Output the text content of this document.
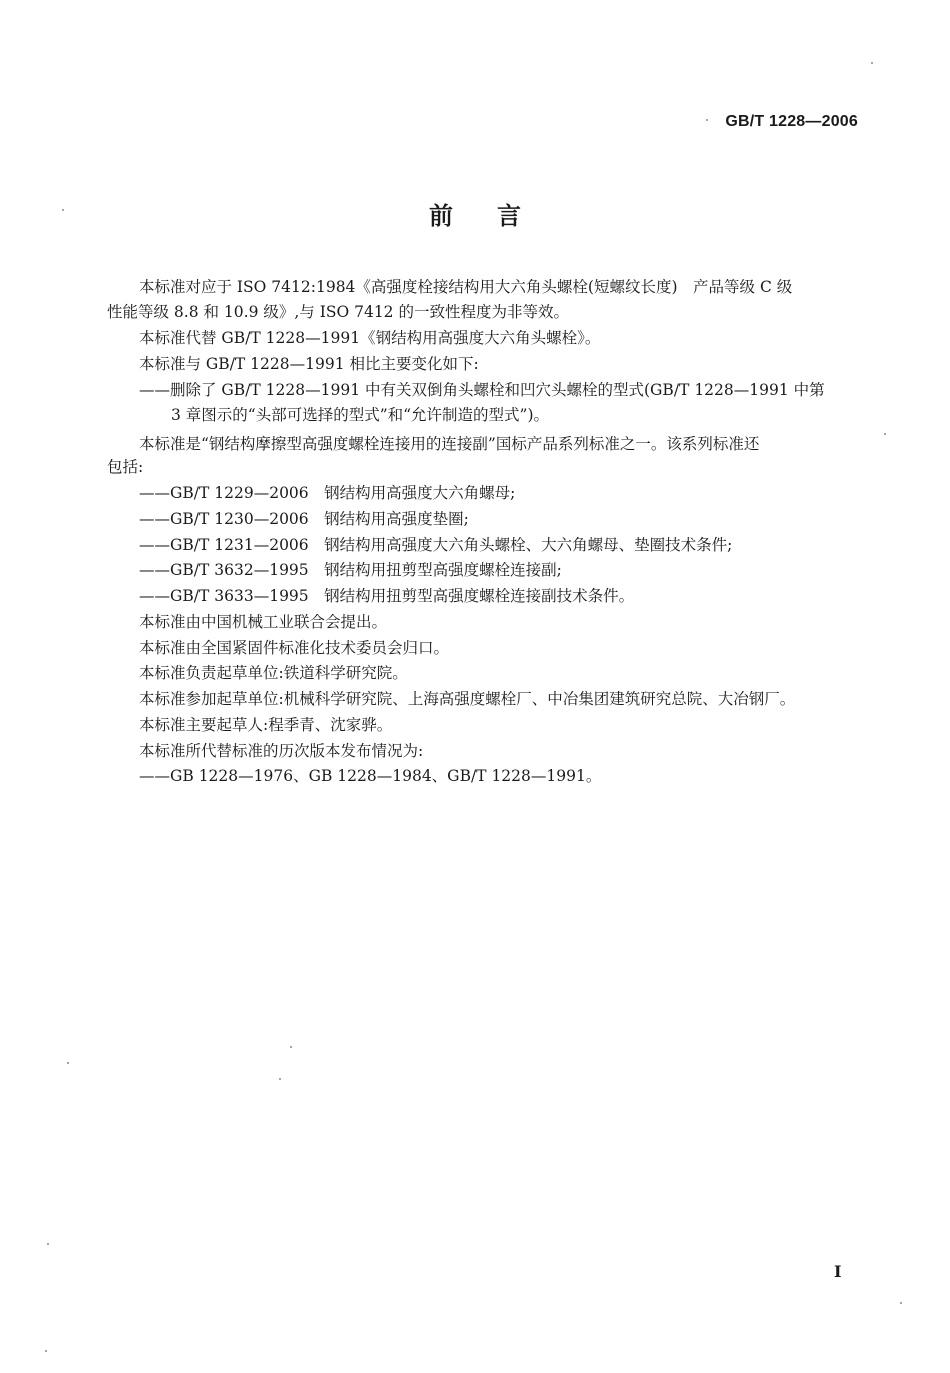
GB/T 1228—2006
前言
本标准对应于 ISO 7412:1984《高强度栓接结构用大六角头螺栓(短螺纹长度)　产品等级 C 级
性能等级 8.8 和 10.9 级》,与 ISO 7412 的一致性程度为非等效。
本标准代替 GB/T 1228—1991《钢结构用高强度大六角头螺栓》。
本标准与 GB/T 1228—1991 相比主要变化如下:
——删除了 GB/T 1228—1991 中有关双倒角头螺栓和凹穴头螺栓的型式(GB/T 1228—1991 中第
3 章图示的“头部可选择的型式”和“允许制造的型式”)。
本标准是“钢结构摩擦型高强度螺栓连接用的连接副”国标产品系列标准之一。该系列标准还
包括:
——GB/T 1229—2006　钢结构用高强度大六角螺母;
——GB/T 1230—2006　钢结构用高强度垫圈;
——GB/T 1231—2006　钢结构用高强度大六角头螺栓、大六角螺母、垫圈技术条件;
——GB/T 3632—1995　钢结构用扭剪型高强度螺栓连接副;
——GB/T 3633—1995　钢结构用扭剪型高强度螺栓连接副技术条件。
本标准由中国机械工业联合会提出。
本标准由全国紧固件标准化技术委员会归口。
本标准负责起草单位:铁道科学研究院。
本标准参加起草单位:机械科学研究院、上海高强度螺栓厂、中冶集团建筑研究总院、大冶钢厂。
本标准主要起草人:程季青、沈家骅。
本标准所代替标准的历次版本发布情况为:
——GB 1228—1976、GB 1228—1984、GB/T 1228—1991。
I
